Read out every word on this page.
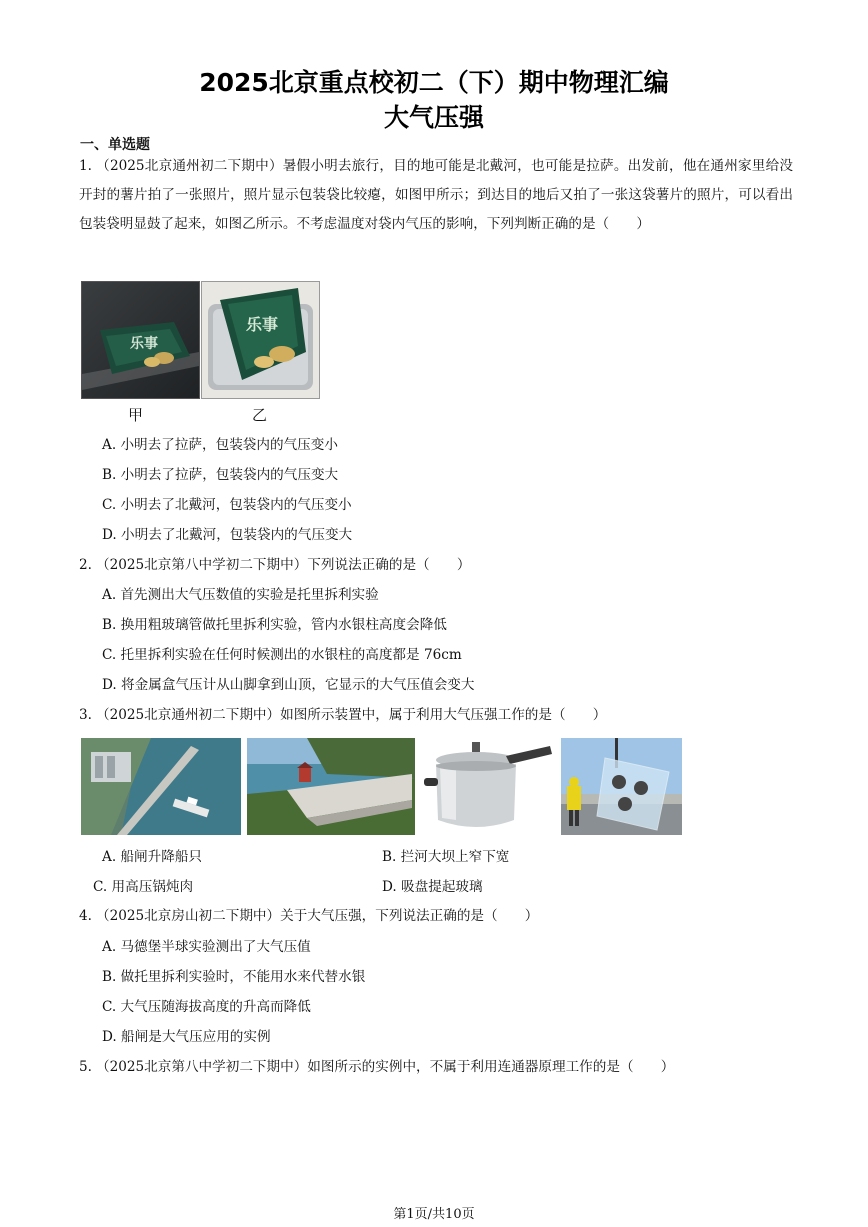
2025北京重点校初二（下）期中物理汇编
大气压强
一、单选题
1. （2025北京通州初二下期中）暑假小明去旅行，目的地可能是北戴河，也可能是拉萨。出发前，他在通州家里给没开封的薯片拍了一张照片，照片显示包装袋比较瘪，如图甲所示；到达目的地后又拍了一张这袋薯片的照片，可以看出包装袋明显鼓了起来，如图乙所示。不考虑温度对袋内气压的影响，下列判断正确的是（　　）
乐事
乐事
甲	乙
A. 小明去了拉萨，包装袋内的气压变小
B. 小明去了拉萨，包装袋内的气压变大
C. 小明去了北戴河，包装袋内的气压变小
D. 小明去了北戴河，包装袋内的气压变大
2. （2025北京第八中学初二下期中）下列说法正确的是（　　）
A. 首先测出大气压数值的实验是托里拆利实验
B. 换用粗玻璃管做托里拆利实验，管内水银柱高度会降低
C. 托里拆利实验在任何时候测出的水银柱的高度都是 76cm
D. 将金属盒气压计从山脚拿到山顶，它显示的大气压值会变大
3. （2025北京通州初二下期中）如图所示装置中，属于利用大气压强工作的是（　　）
A. 船闸升降船只	B. 拦河大坝上窄下宽
C. 用高压锅炖肉	D. 吸盘提起玻璃
4. （2025北京房山初二下期中）关于大气压强，下列说法正确的是（　　）
A. 马德堡半球实验测出了大气压值
B. 做托里拆利实验时，不能用水来代替水银
C. 大气压随海拔高度的升高而降低
D. 船闸是大气压应用的实例
5. （2025北京第八中学初二下期中）如图所示的实例中，不属于利用连通器原理工作的是（　　）
第1页/共10页
